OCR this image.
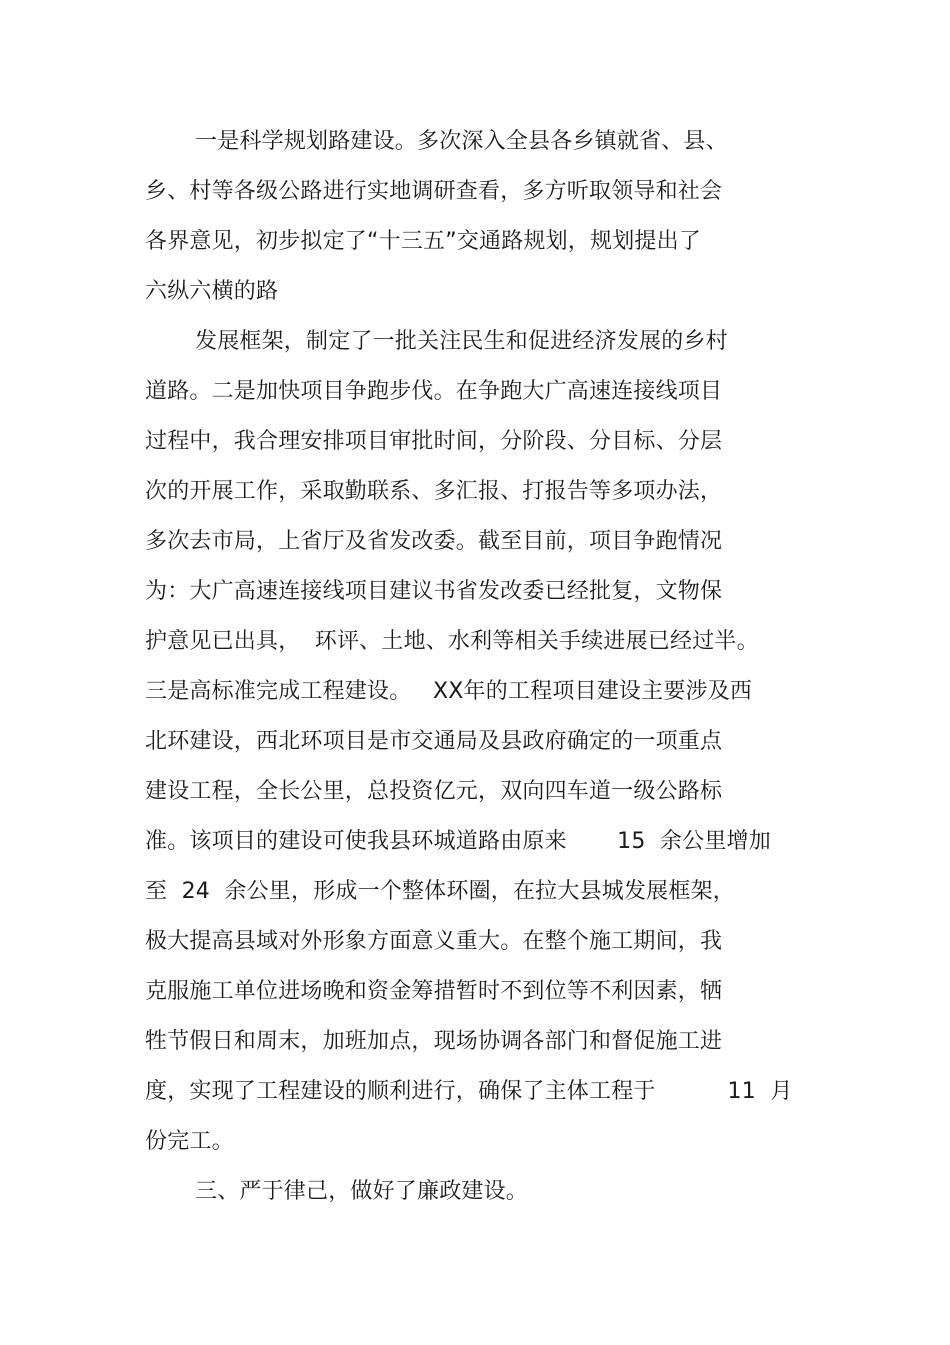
一是科学规划路建设。多次深入全县各乡镇就省、县、
乡、村等各级公路进行实地调研查看，多方听取领导和社会
各界意见，初步拟定了“十三五”交通路规划，规划提出了
六纵六横的路
发展框架，制定了一批关注民生和促进经济发展的乡村
道路。二是加快项目争跑步伐。在争跑大广高速连接线项目
过程中，我合理安排项目审批时间，分阶段、分目标、分层
次的开展工作，采取勤联系、多汇报、打报告等多项办法，
多次去市局，上省厅及省发改委。截至目前，项目争跑情况
为：大广高速连接线项目建议书省发改委已经批复，文物保
护意见已出具，  环评、土地、水利等相关手续进展已经过半。
三是高标准完成工程建设。   XX年的工程项目建设主要涉及西
北环建设，西北环项目是市交通局及县政府确定的一项重点
建设工程，全长公里，总投资亿元，双向四车道一级公路标
准。该项目的建设可使我县环城道路由原来       15  余公里增加
至  24  余公里，形成一个整体环圈，在拉大县城发展框架，
极大提高县域对外形象方面意义重大。在整个施工期间，我
克服施工单位进场晚和资金筹措暂时不到位等不利因素，牺
牲节假日和周末，加班加点，现场协调各部门和督促施工进
度，实现了工程建设的顺利进行，确保了主体工程于          11  月
份完工。
三、严于律己，做好了廉政建设。
